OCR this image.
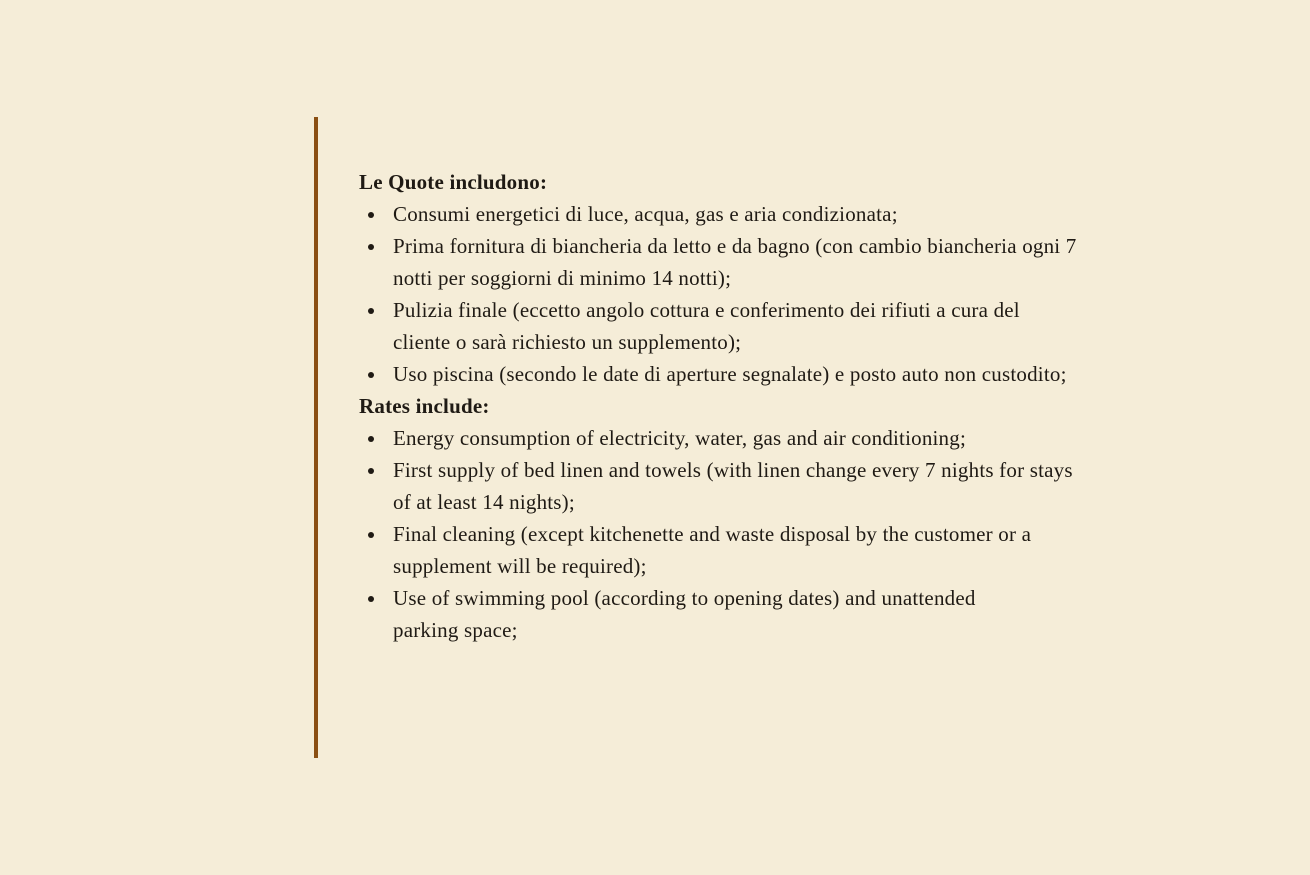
Le Quote includono:

Consumi energetici di luce, acqua, gas e aria condizionata;
Prima fornitura di biancheria da letto e da bagno (con cambio biancheria ogni 7 notti per soggiorni di minimo 14 notti);
Pulizia finale (eccetto angolo cottura e conferimento dei rifiuti a cura del cliente o sarà richiesto un supplemento);
Uso piscina (secondo le date di aperture segnalate) e posto auto non custodito;

Rates include:

Energy consumption of electricity, water, gas and air conditioning;
First supply of bed linen and towels (with linen change every 7 nights for stays of at least 14 nights);
Final cleaning (except kitchenette and waste disposal by the customer or a supplement will be required);
Use of swimming pool (according to opening dates) and unattended parking space;
